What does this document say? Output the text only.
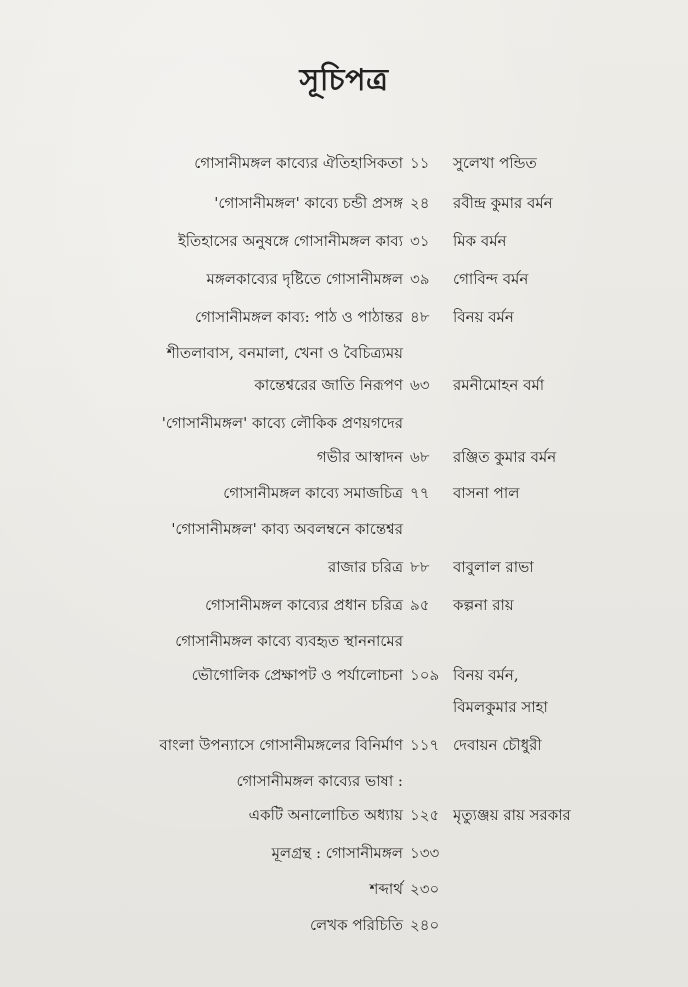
সূচিপত্র
গোসানীমঙ্গল কাব্যের ঐতিহাসিকতা ১১	সুলেখা পন্ডিত
'গোসানীমঙ্গল' কাব্যে চন্ডী প্রসঙ্গ ২৪	রবীন্দ্র কুমার বর্মন
ইতিহাসের অনুষঙ্গে গোসানীমঙ্গল কাব্য ৩১	মিক বর্মন
মঙ্গলকাব্যের দৃষ্টিতে গোসানীমঙ্গল ৩৯	গোবিন্দ বর্মন
গোসানীমঙ্গল কাব্য: পাঠ ও পাঠান্তর ৪৮	বিনয় বর্মন
শীতলাবাস, বনমালা, খেনা ও বৈচিত্র্যময়
কান্তেশ্বরের জাতি নিরূপণ ৬৩	রমনীমোহন বর্মা
'গোসানীমঙ্গল' কাব্যে লৌকিক প্রণয়গদের
গভীর আস্বাদন ৬৮	রঞ্জিত কুমার বর্মন
গোসানীমঙ্গল কাব্যে সমাজচিত্র ৭৭	বাসনা পাল
'গোসানীমঙ্গল' কাব্য অবলম্বনে কান্তেশ্বর
রাজার চরিত্র ৮৮	বাবুলাল রাভা
গোসানীমঙ্গল কাব্যের প্রধান চরিত্র ৯৫	কল্পনা রায়
গোসানীমঙ্গল কাব্যে ব্যবহৃত স্থাননামের
ভৌগোলিক প্রেক্ষাপট ও পর্যালোচনা ১০৯ বিনয় বর্মন,
বিমলকুমার সাহা
বাংলা উপন্যাসে গোসানীমঙ্গলের বিনির্মাণ ১১৭ দেবায়ন চৌধুরী
গোসানীমঙ্গল কাব্যের ভাষা :
একটি অনালোচিত অধ্যায় ১২৫ মৃত্যুঞ্জয় রায় সরকার
মূলগ্রন্থ : গোসানীমঙ্গল ১৩৩
শব্দার্থ ২৩০
লেখক পরিচিতি ২৪০
